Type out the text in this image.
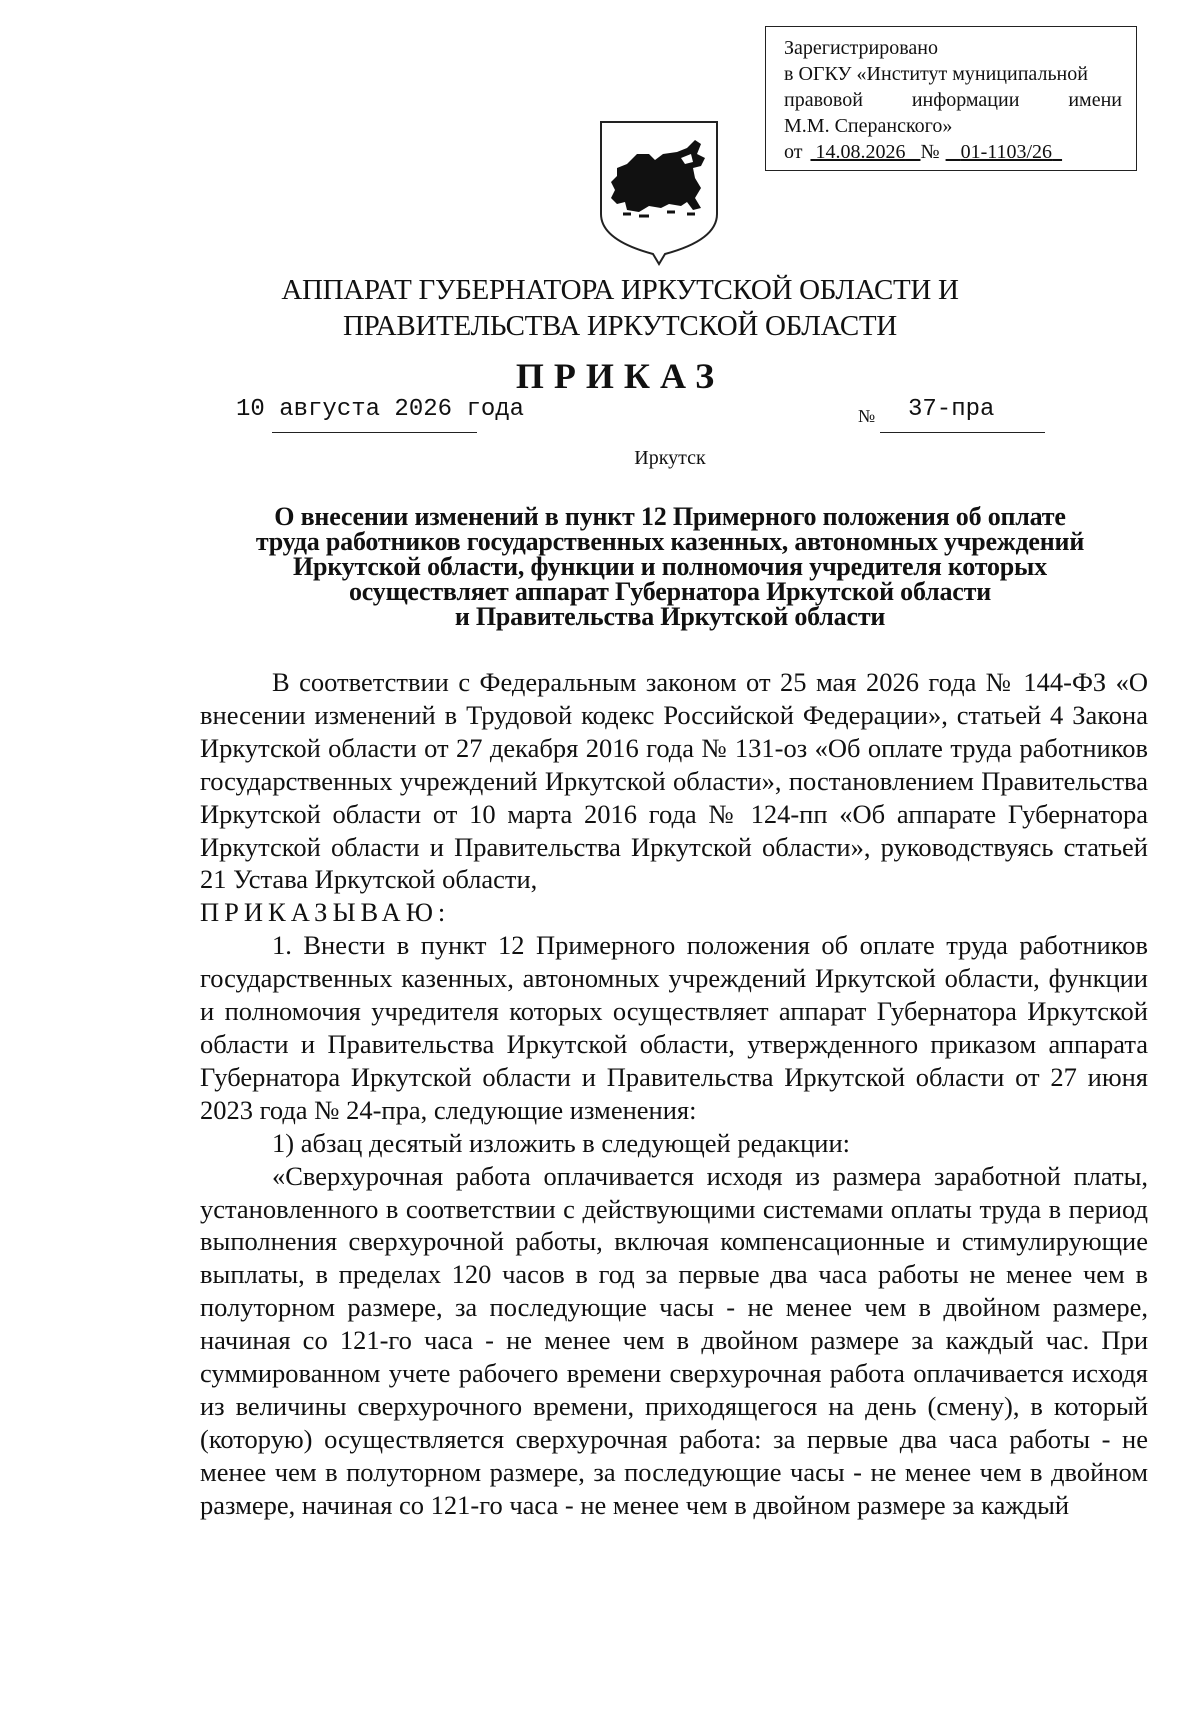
Зарегистрировано
в ОГКУ «Институт муниципальной
правовой информации имени
М.М. Сперанского»
от
14.08.2026
№
01-1103/26

АППАРАТ ГУБЕРНАТОРА ИРКУТСКОЙ ОБЛАСТИ И
ПРАВИТЕЛЬСТВА ИРКУТСКОЙ ОБЛАСТИ
ПРИКАЗ
10 августа 2026 года	№ 37-пра
Иркутск
О внесении изменений в пункт 12 Примерного положения об оплате
труда работников государственных казенных, автономных учреждений
Иркутской области, функции и полномочия учредителя которых
осуществляет аппарат Губернатора Иркутской области
и Правительства Иркутской области

В соответствии с Федеральным законом от 25 мая 2026 года № 144-ФЗ «О внесении изменений в Трудовой кодекс Российской Федерации», статьей 4 Закона Иркутской области от 27 декабря 2016 года № 131-оз «Об оплате труда работников государственных учреждений Иркутской области», постановлением Правительства Иркутской области от 10 марта 2016 года № 124-пп «Об аппарате Губернатора Иркутской области и Правительства Иркутской области», руководствуясь статьей 21 Устава Иркутской области,

ПРИКАЗЫВАЮ:

1. Внести в пункт 12 Примерного положения об оплате труда работников государственных казенных, автономных учреждений Иркутской области, функции и полномочия учредителя которых осуществляет аппарат Губернатора Иркутской области и Правительства Иркутской области, утвержденного приказом аппарата Губернатора Иркутской области и Правительства Иркутской области от 27 июня 2023 года № 24-пра, следующие изменения:

1) абзац десятый изложить в следующей редакции:

«Сверхурочная работа оплачивается исходя из размера заработной платы, установленного в соответствии с действующими системами оплаты труда в период выполнения сверхурочной работы, включая компенсационные и стимулирующие выплаты, в пределах 120 часов в год за первые два часа работы не менее чем в полуторном размере, за последующие часы - не менее чем в двойном размере, начиная со 121-го часа - не менее чем в двойном размере за каждый час. При суммированном учете рабочего времени сверхурочная работа оплачивается исходя из величины сверхурочного времени, приходящегося на день (смену), в который (которую) осуществляется сверхурочная работа: за первые два часа работы - не менее чем в полуторном размере, за последующие часы - не менее чем в двойном размере, начиная со 121-го часа - не менее чем в двойном размере за каждый
